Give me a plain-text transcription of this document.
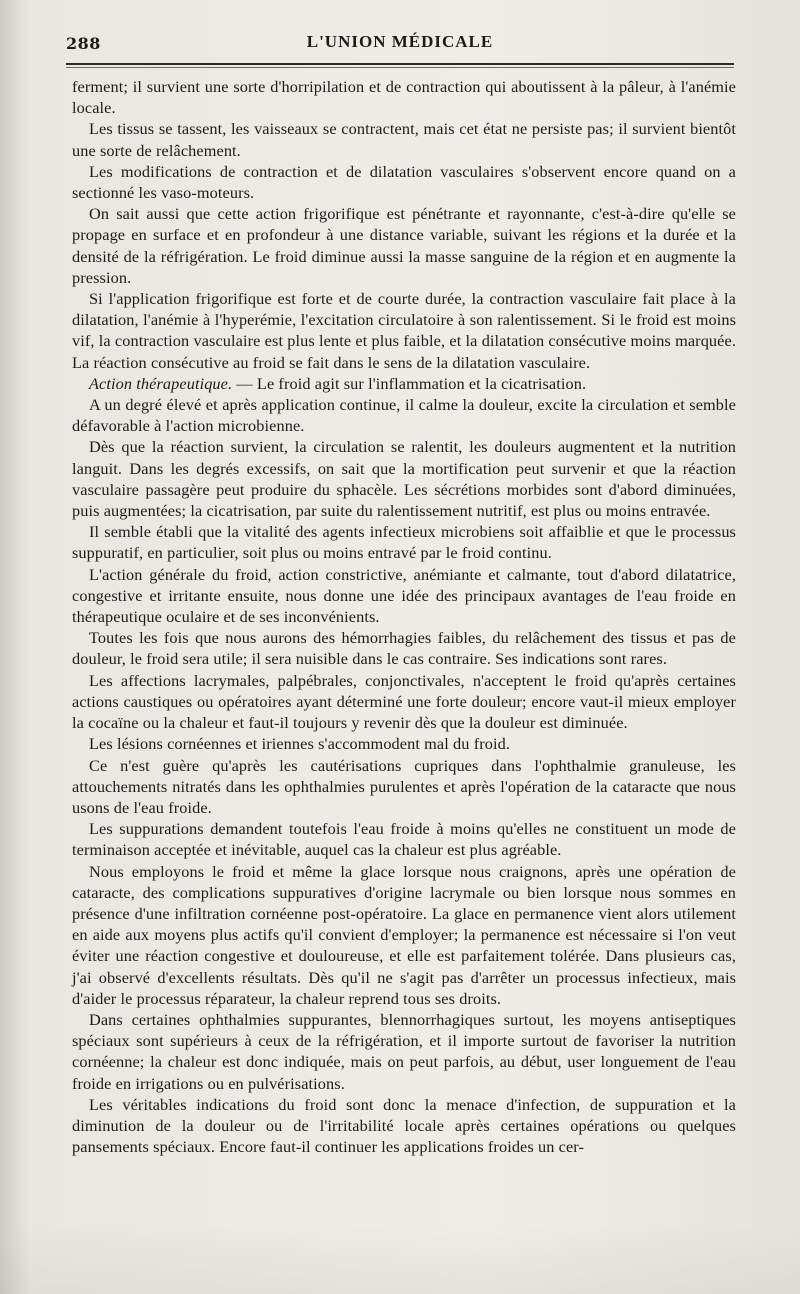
288	L'UNION MÉDICALE

ferment; il survient une sorte d'horripilation et de contraction qui aboutissent à la pâleur, à l'anémie locale.

Les tissus se tassent, les vaisseaux se contractent, mais cet état ne persiste pas; il survient bientôt une sorte de relâchement.

Les modifications de contraction et de dilatation vasculaires s'observent encore quand on a sectionné les vaso-moteurs.

On sait aussi que cette action frigorifique est pénétrante et rayonnante, c'est-à-dire qu'elle se propage en surface et en profondeur à une distance variable, suivant les régions et la durée et la densité de la réfrigération. Le froid diminue aussi la masse sanguine de la région et en augmente la pression.

Si l'application frigorifique est forte et de courte durée, la contraction vasculaire fait place à la dilatation, l'anémie à l'hyperémie, l'excitation circulatoire à son ralentissement. Si le froid est moins vif, la contraction vasculaire est plus lente et plus faible, et la dilatation consécutive moins marquée. La réaction consécutive au froid se fait dans le sens de la dilatation vasculaire.

Action thérapeutique. — Le froid agit sur l'inflammation et la cicatrisation.

A un degré élevé et après application continue, il calme la douleur, excite la circulation et semble défavorable à l'action microbienne.

Dès que la réaction survient, la circulation se ralentit, les douleurs augmentent et la nutrition languit. Dans les degrés excessifs, on sait que la mortification peut survenir et que la réaction vasculaire passagère peut produire du sphacèle. Les sécrétions morbides sont d'abord diminuées, puis augmentées; la cicatrisation, par suite du ralentissement nutritif, est plus ou moins entravée.

Il semble établi que la vitalité des agents infectieux microbiens soit affaiblie et que le processus suppuratif, en particulier, soit plus ou moins entravé par le froid continu.

L'action générale du froid, action constrictive, anémiante et calmante, tout d'abord dilatatrice, congestive et irritante ensuite, nous donne une idée des principaux avantages de l'eau froide en thérapeutique oculaire et de ses inconvénients.

Toutes les fois que nous aurons des hémorrhagies faibles, du relâchement des tissus et pas de douleur, le froid sera utile; il sera nuisible dans le cas contraire. Ses indications sont rares.

Les affections lacrymales, palpébrales, conjonctivales, n'acceptent le froid qu'après certaines actions caustiques ou opératoires ayant déterminé une forte douleur; encore vaut-il mieux employer la cocaïne ou la chaleur et faut-il toujours y revenir dès que la douleur est diminuée.

Les lésions cornéennes et iriennes s'accommodent mal du froid.

Ce n'est guère qu'après les cautérisations cupriques dans l'ophthalmie granuleuse, les attouchements nitratés dans les ophthalmies purulentes et après l'opération de la cataracte que nous usons de l'eau froide.

Les suppurations demandent toutefois l'eau froide à moins qu'elles ne constituent un mode de terminaison acceptée et inévitable, auquel cas la chaleur est plus agréable.

Nous employons le froid et même la glace lorsque nous craignons, après une opération de cataracte, des complications suppuratives d'origine lacrymale ou bien lorsque nous sommes en présence d'une infiltration cornéenne post-opératoire. La glace en permanence vient alors utilement en aide aux moyens plus actifs qu'il convient d'employer; la permanence est nécessaire si l'on veut éviter une réaction congestive et douloureuse, et elle est parfaitement tolérée. Dans plusieurs cas, j'ai observé d'excellents résultats. Dès qu'il ne s'agit pas d'arrêter un processus infectieux, mais d'aider le processus réparateur, la chaleur reprend tous ses droits.

Dans certaines ophthalmies suppurantes, blennorrhagiques surtout, les moyens antiseptiques spéciaux sont supérieurs à ceux de la réfrigération, et il importe surtout de favoriser la nutrition cornéenne; la chaleur est donc indiquée, mais on peut parfois, au début, user longuement de l'eau froide en irrigations ou en pulvérisations.

Les véritables indications du froid sont donc la menace d'infection, de suppuration et la diminution de la douleur ou de l'irritabilité locale après certaines opérations ou quelques pansements spéciaux. Encore faut-il continuer les applications froides un cer-
